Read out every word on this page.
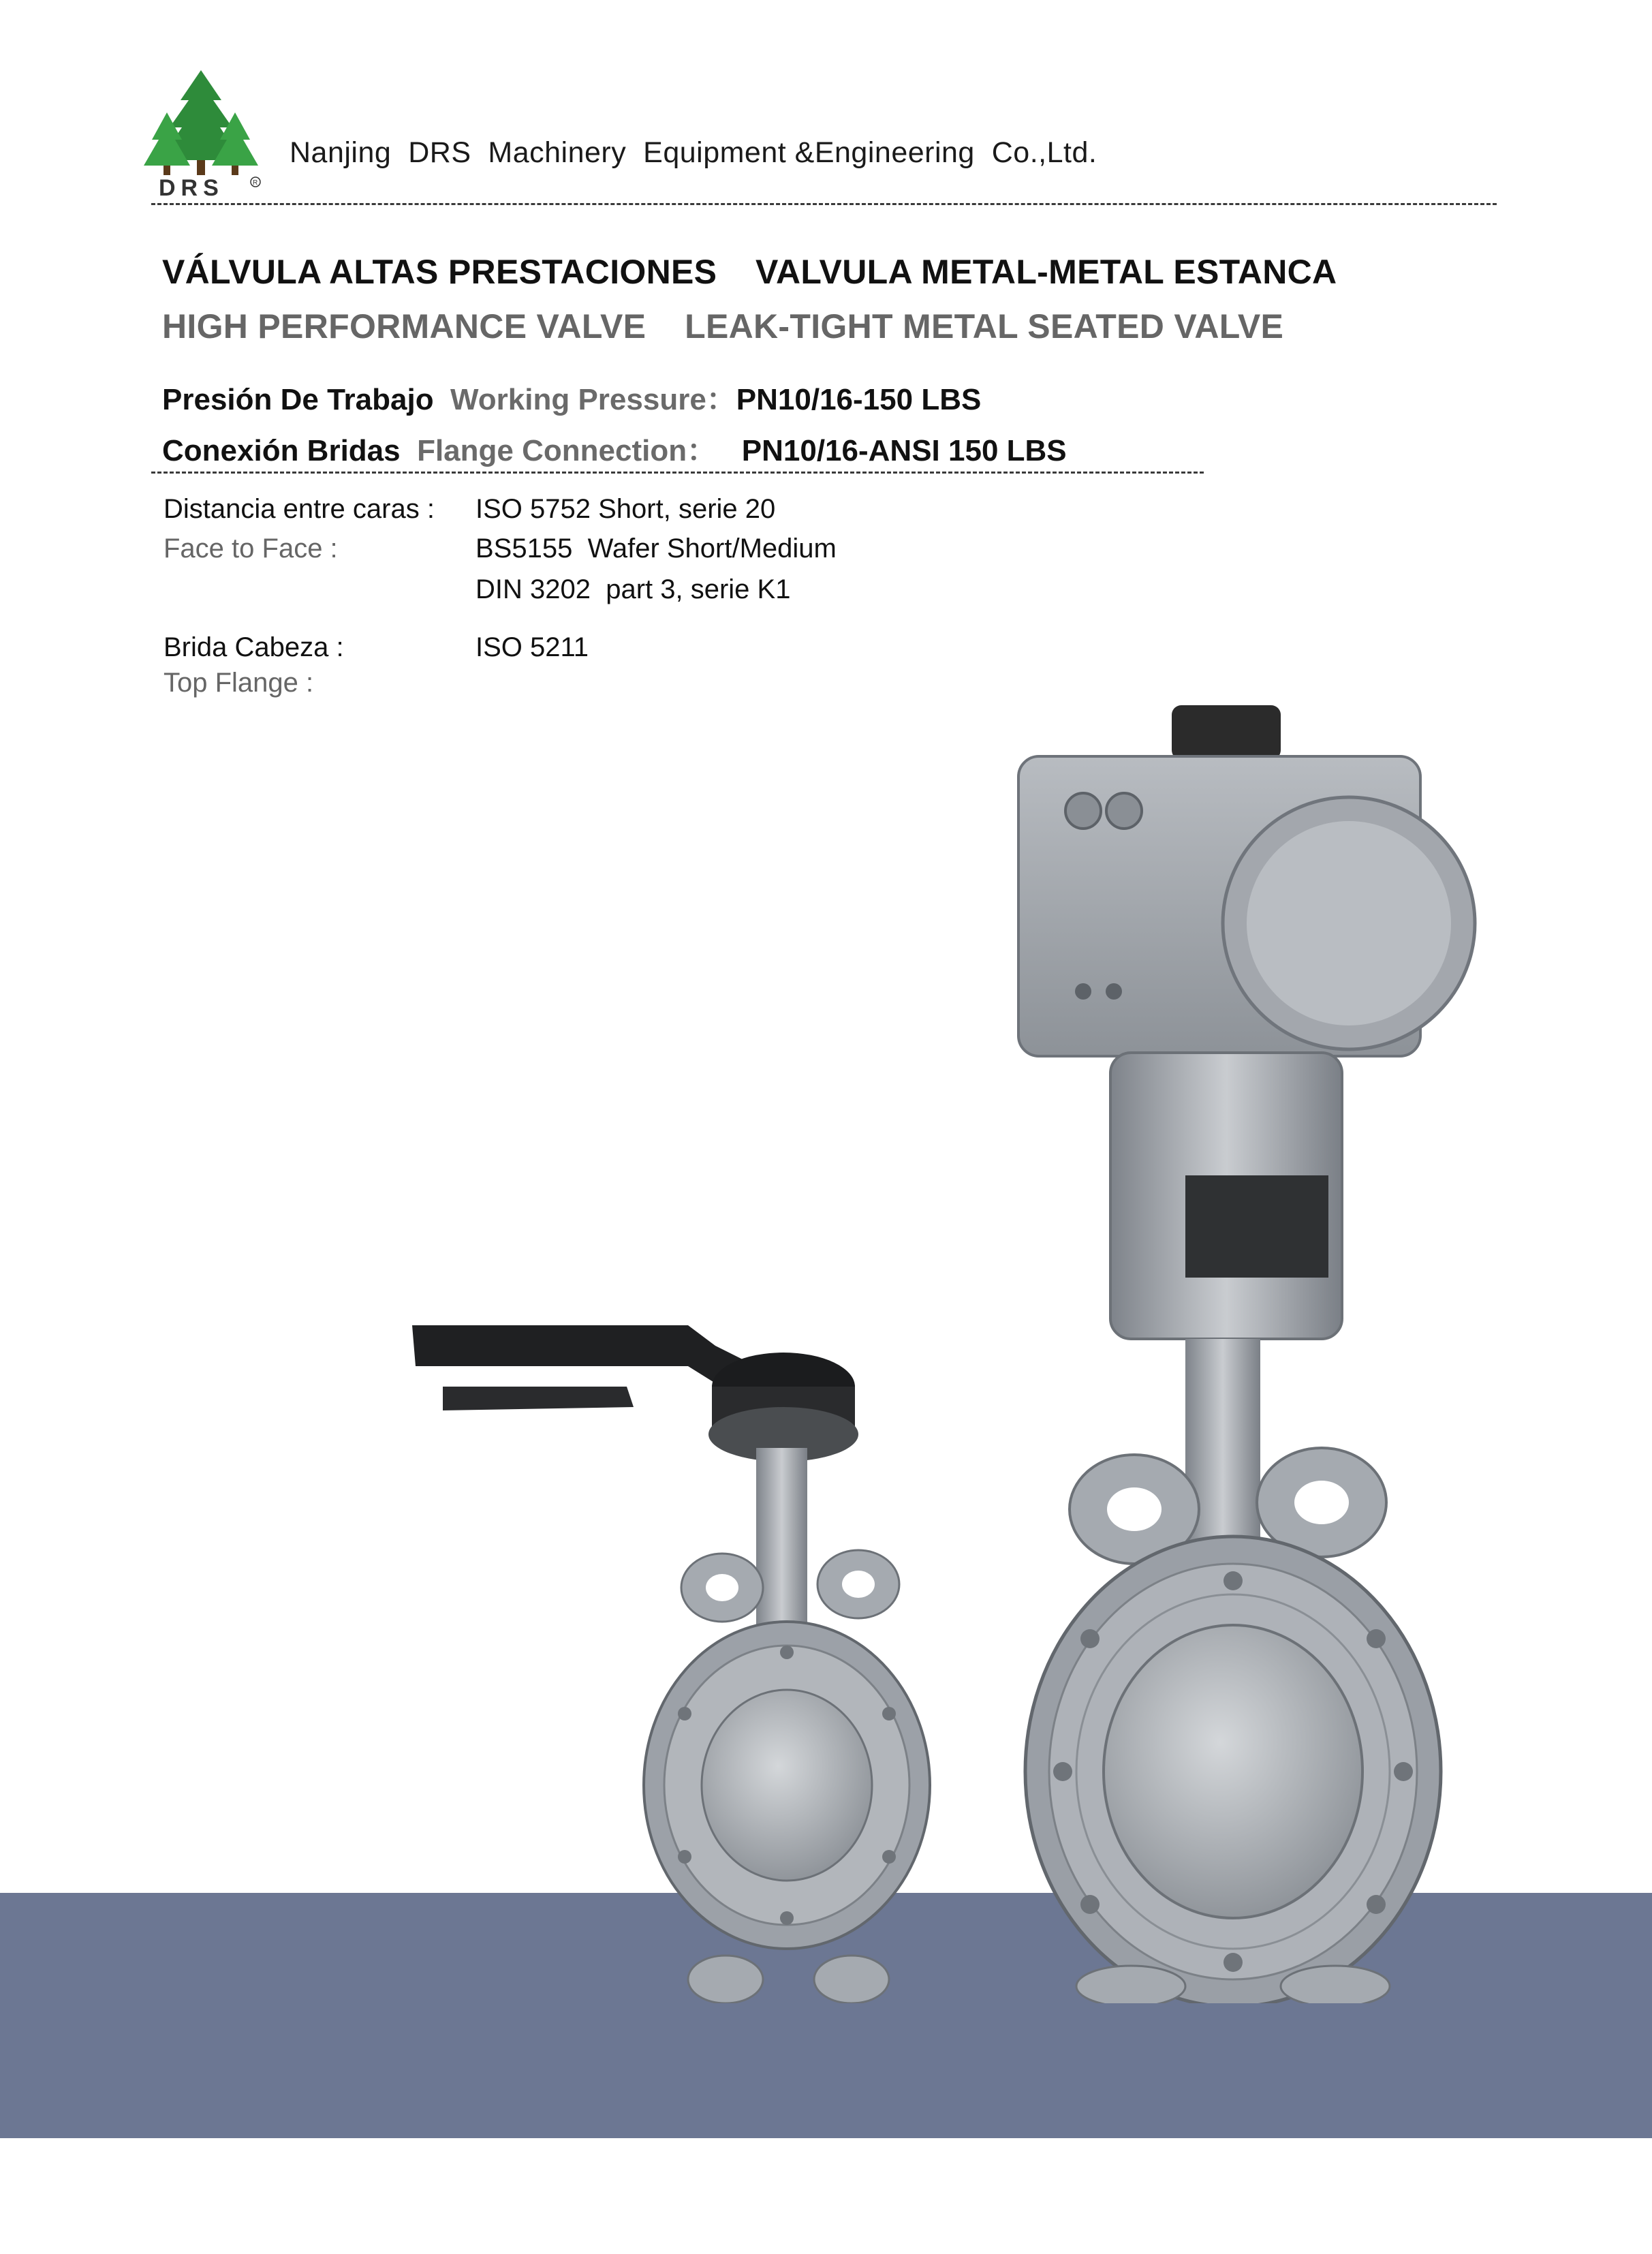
DRS	R
Nanjing  DRS  Machinery  Equipment &Engineering  Co.,Ltd.
VÁLVULA ALTAS PRESTACIONES    VALVULA METAL-METAL ESTANCA
HIGH PERFORMANCE VALVE    LEAK-TIGHT METAL SEATED VALVE
Presión De Trabajo Working Pressure：PN10/16-150 LBS
Conexión Bridas Flange Connection： PN10/16-ANSI 150 LBS
Distancia entre caras :
Face to Face :
ISO 5752 Short, serie 20
BS5155  Wafer Short/Medium
DIN 3202  part 3, serie K1
Brida Cabeza :
Top Flange :
ISO 5211
